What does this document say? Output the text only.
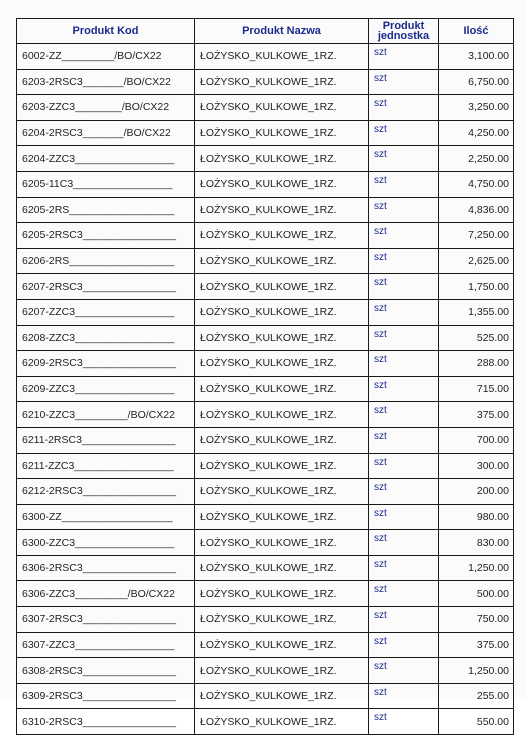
Produkt Kod	Produkt Nazwa	Produkt jednostka	Ilość
6002-ZZ_________/BO/CX22	ŁOŻYSKO_KULKOWE_1RZ.	szt	3,100.00
6203-2RSC3_______/BO/CX22	ŁOŻYSKO_KULKOWE_1RZ.	szt	6,750.00
6203-ZZC3________/BO/CX22	ŁOŻYSKO_KULKOWE_1RZ.	szt	3,250.00
6204-2RSC3_______/BO/CX22	ŁOŻYSKO_KULKOWE_1RZ.	szt	4,250.00
6204-ZZC3_________________	ŁOŻYSKO_KULKOWE_1RZ.	szt	2,250.00
6205-11C3_________________	ŁOŻYSKO_KULKOWE_1RZ.	szt	4,750.00
6205-2RS__________________	ŁOŻYSKO_KULKOWE_1RZ.	szt	4,836.00
6205-2RSC3________________	ŁOŻYSKO_KULKOWE_1RZ.	szt	7,250.00
6206-2RS__________________	ŁOŻYSKO_KULKOWE_1RZ.	szt	2,625.00
6207-2RSC3________________	ŁOŻYSKO_KULKOWE_1RZ.	szt	1,750.00
6207-ZZC3_________________	ŁOŻYSKO_KULKOWE_1RZ.	szt	1,355.00
6208-ZZC3_________________	ŁOŻYSKO_KULKOWE_1RZ.	szt	525.00
6209-2RSC3________________	ŁOŻYSKO_KULKOWE_1RZ.	szt	288.00
6209-ZZC3_________________	ŁOŻYSKO_KULKOWE_1RZ.	szt	715.00
6210-ZZC3_________/BO/CX22	ŁOŻYSKO_KULKOWE_1RZ.	szt	375.00
6211-2RSC3________________	ŁOŻYSKO_KULKOWE_1RZ.	szt	700.00
6211-ZZC3_________________	ŁOŻYSKO_KULKOWE_1RZ.	szt	300.00
6212-2RSC3________________	ŁOŻYSKO_KULKOWE_1RZ.	szt	200.00
6300-ZZ___________________	ŁOŻYSKO_KULKOWE_1RZ.	szt	980.00
6300-ZZC3_________________	ŁOŻYSKO_KULKOWE_1RZ.	szt	830.00
6306-2RSC3________________	ŁOŻYSKO_KULKOWE_1RZ.	szt	1,250.00
6306-ZZC3_________/BO/CX22	ŁOŻYSKO_KULKOWE_1RZ.	szt	500.00
6307-2RSC3________________	ŁOŻYSKO_KULKOWE_1RZ.	szt	750.00
6307-ZZC3_________________	ŁOŻYSKO_KULKOWE_1RZ.	szt	375.00
6308-2RSC3________________	ŁOŻYSKO_KULKOWE_1RZ.	szt	1,250.00
6309-2RSC3________________	ŁOŻYSKO_KULKOWE_1RZ.	szt	255.00
6310-2RSC3________________	ŁOŻYSKO_KULKOWE_1RZ.	szt	550.00
